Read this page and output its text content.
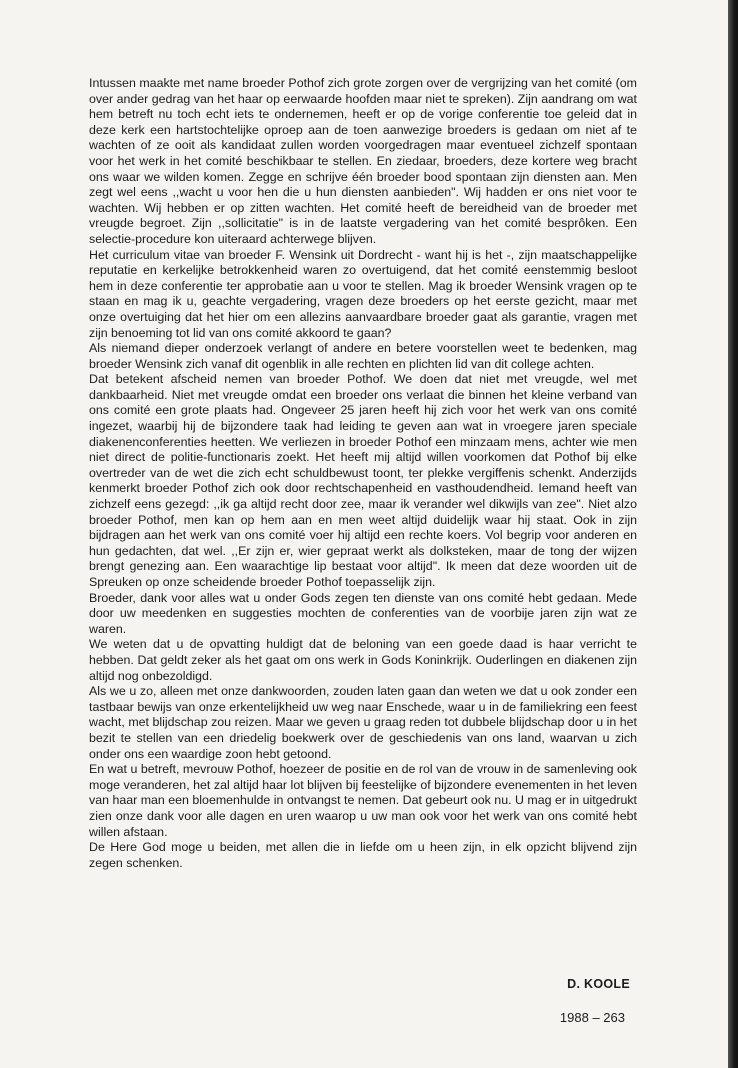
Intussen maakte met name broeder Pothof zich grote zorgen over de vergrijzing van het comité (om over ander gedrag van het haar op eerwaarde hoofden maar niet te spreken). Zijn aandrang om wat hem betreft nu toch echt iets te ondernemen, heeft er op de vorige conferentie toe geleid dat in deze kerk een hartstochtelijke oproep aan de toen aanwezige broeders is gedaan om niet af te wachten of ze ooit als kandidaat zullen worden voorgedragen maar eventueel zichzelf spontaan voor het werk in het comité beschikbaar te stellen. En ziedaar, broeders, deze kortere weg bracht ons waar we wilden komen. Zegge en schrijve één broeder bood spontaan zijn diensten aan. Men zegt wel eens ,,wacht u voor hen die u hun diensten aanbieden". Wij hadden er ons niet voor te wachten. Wij hebben er op zitten wachten. Het comité heeft de bereidheid van de broeder met vreugde begroet. Zijn ,,sollicitatie" is in de laatste vergadering van het comité besprôken. Een selectie-procedure kon uiteraard achterwege blijven.

Het curriculum vitae van broeder F. Wensink uit Dordrecht - want hij is het -, zijn maatschappelijke reputatie en kerkelijke betrokkenheid waren zo overtuigend, dat het comité eenstemmig besloot hem in deze conferentie ter approbatie aan u voor te stellen. Mag ik broeder Wensink vragen op te staan en mag ik u, geachte vergadering, vragen deze broeders op het eerste gezicht, maar met onze overtuiging dat het hier om een allezins aanvaardbare broeder gaat als garantie, vragen met zijn benoeming tot lid van ons comité akkoord te gaan?

Als niemand dieper onderzoek verlangt of andere en betere voorstellen weet te bedenken, mag broeder Wensink zich vanaf dit ogenblik in alle rechten en plichten lid van dit college achten.

Dat betekent afscheid nemen van broeder Pothof. We doen dat niet met vreugde, wel met dankbaarheid. Niet met vreugde omdat een broeder ons verlaat die binnen het kleine verband van ons comité een grote plaats had. Ongeveer 25 jaren heeft hij zich voor het werk van ons comité ingezet, waarbij hij de bijzondere taak had leiding te geven aan wat in vroegere jaren speciale diakenenconferenties heetten. We verliezen in broeder Pothof een minzaam mens, achter wie men niet direct de politie-functionaris zoekt. Het heeft mij altijd willen voorkomen dat Pothof bij elke overtreder van de wet die zich echt schuldbewust toont, ter plekke vergiffenis schenkt. Anderzijds kenmerkt broeder Pothof zich ook door rechtschapenheid en vasthoudendheid. Iemand heeft van zichzelf eens gezegd: ,,ik ga altijd recht door zee, maar ik verander wel dikwijls van zee". Niet alzo broeder Pothof, men kan op hem aan en men weet altijd duidelijk waar hij staat. Ook in zijn bijdragen aan het werk van ons comité voer hij altijd een rechte koers. Vol begrip voor anderen en hun gedachten, dat wel. ,,Er zijn er, wier gepraat werkt als dolksteken, maar de tong der wijzen brengt genezing aan. Een waarachtige lip bestaat voor altijd". Ik meen dat deze woorden uit de Spreuken op onze scheidende broeder Pothof toepasselijk zijn.

Broeder, dank voor alles wat u onder Gods zegen ten dienste van ons comité hebt gedaan. Mede door uw meedenken en suggesties mochten de conferenties van de voorbije jaren zijn wat ze waren.

We weten dat u de opvatting huldigt dat de beloning van een goede daad is haar verricht te hebben. Dat geldt zeker als het gaat om ons werk in Gods Koninkrijk. Ouderlingen en diakenen zijn altijd nog onbezoldigd.

Als we u zo, alleen met onze dankwoorden, zouden laten gaan dan weten we dat u ook zonder een tastbaar bewijs van onze erkentelijkheid uw weg naar Enschede, waar u in de familiekring een feest wacht, met blijdschap zou reizen. Maar we geven u graag reden tot dubbele blijdschap door u in het bezit te stellen van een driedelig boekwerk over de geschiedenis van ons land, waarvan u zich onder ons een waardige zoon hebt getoond.

En wat u betreft, mevrouw Pothof, hoezeer de positie en de rol van de vrouw in de samenleving ook moge veranderen, het zal altijd haar lot blijven bij feestelijke of bijzondere evenementen in het leven van haar man een bloemenhulde in ontvangst te nemen. Dat gebeurt ook nu. U mag er in uitgedrukt zien onze dank voor alle dagen en uren waarop u uw man ook voor het werk van ons comité hebt willen afstaan.

De Here God moge u beiden, met allen die in liefde om u heen zijn, in elk opzicht blijvend zijn zegen schenken.

D. KOOLE
1988 – 263
